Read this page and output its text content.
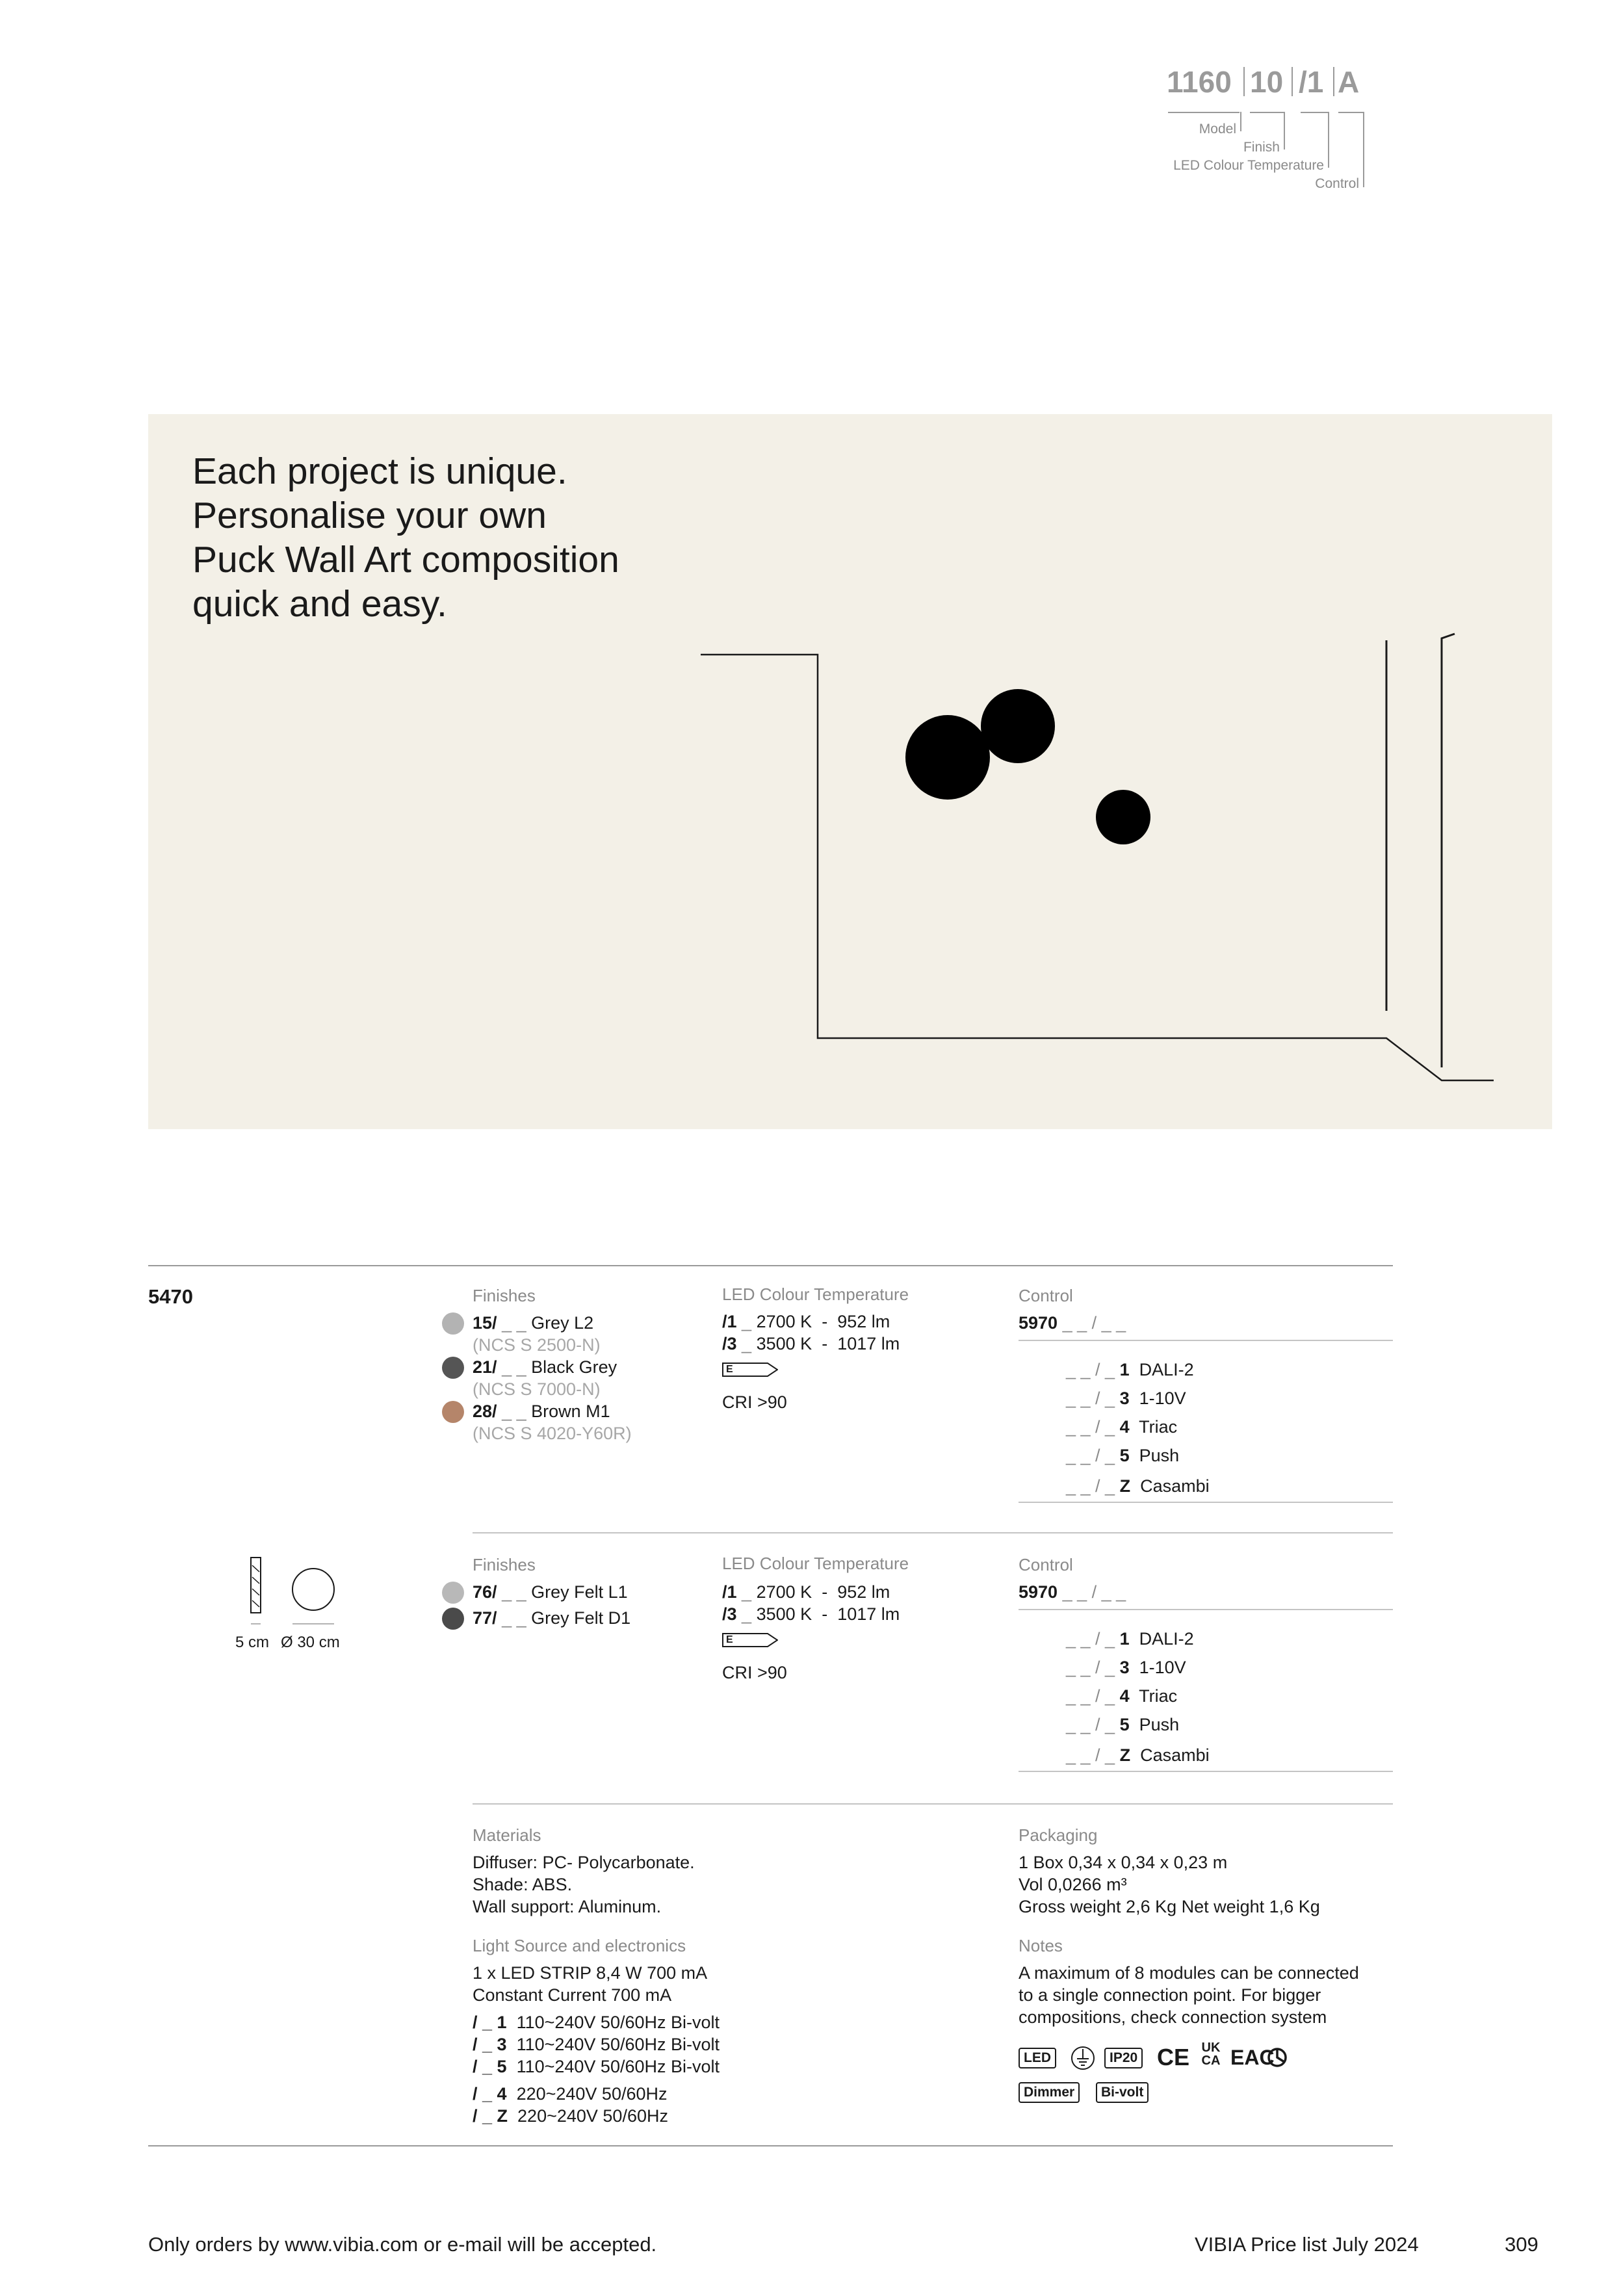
1160 10 /1 A
Model
Finish
LED Colour Temperature
Control
Each project is unique.
Personalise your own
Puck Wall Art composition
quick and easy.
5470	Finishes
15/ _ _ Grey L2
(NCS S 2500-N)
21/ _ _ Black Grey
(NCS S 7000-N)
28/ _ _ Brown M1
(NCS S 4020-Y60R)
LED Colour Temperature
/1 _ 2700 K - 952 lm
/3 _ 3500 K - 1017 lm
E
CRI >90
Control
5970 _ _ / _ _
_ _ / _ 1 DALI-2
_ _ / _ 3 1-10V
_ _ / _ 4 Triac
_ _ / _ 5 Push
_ _ / _ Z Casambi
5 cm Ø 30 cm
Finishes
76/ _ _ Grey Felt L1
77/ _ _ Grey Felt D1
LED Colour Temperature
/1 _ 2700 K - 952 lm
/3 _ 3500 K - 1017 lm
E
CRI >90
Control
5970 _ _ / _ _
_ _ / _ 1 DALI-2
_ _ / _ 3 1-10V
_ _ / _ 4 Triac
_ _ / _ 5 Push
_ _ / _ Z Casambi
Materials
Diffuser: PC- Polycarbonate.
Shade: ABS.
Wall support: Aluminum.
Light Source and electronics
1 x LED STRIP 8,4 W 700 mA
Constant Current 700 mA
/ _ 1 110~240V 50/60Hz Bi-volt
/ _ 3 110~240V 50/60Hz Bi-volt
/ _ 5 110~240V 50/60Hz Bi-volt
/ _ 4 220~240V 50/60Hz
/ _ Z 220~240V 50/60Hz
Packaging
1 Box 0,34 x 0,34 x 0,23 m
Vol 0,0266 m³
Gross weight 2,6 Kg Net weight 1,6 Kg
Notes
A maximum of 8 modules can be connected
to a single connection point. For bigger
compositions, check connection system
LED	IP20 CE UK CA EAC
Dimmer	Bi-volt
Only orders by www.vibia.com or e-mail will be accepted.	VIBIA Price list July 2024	309
